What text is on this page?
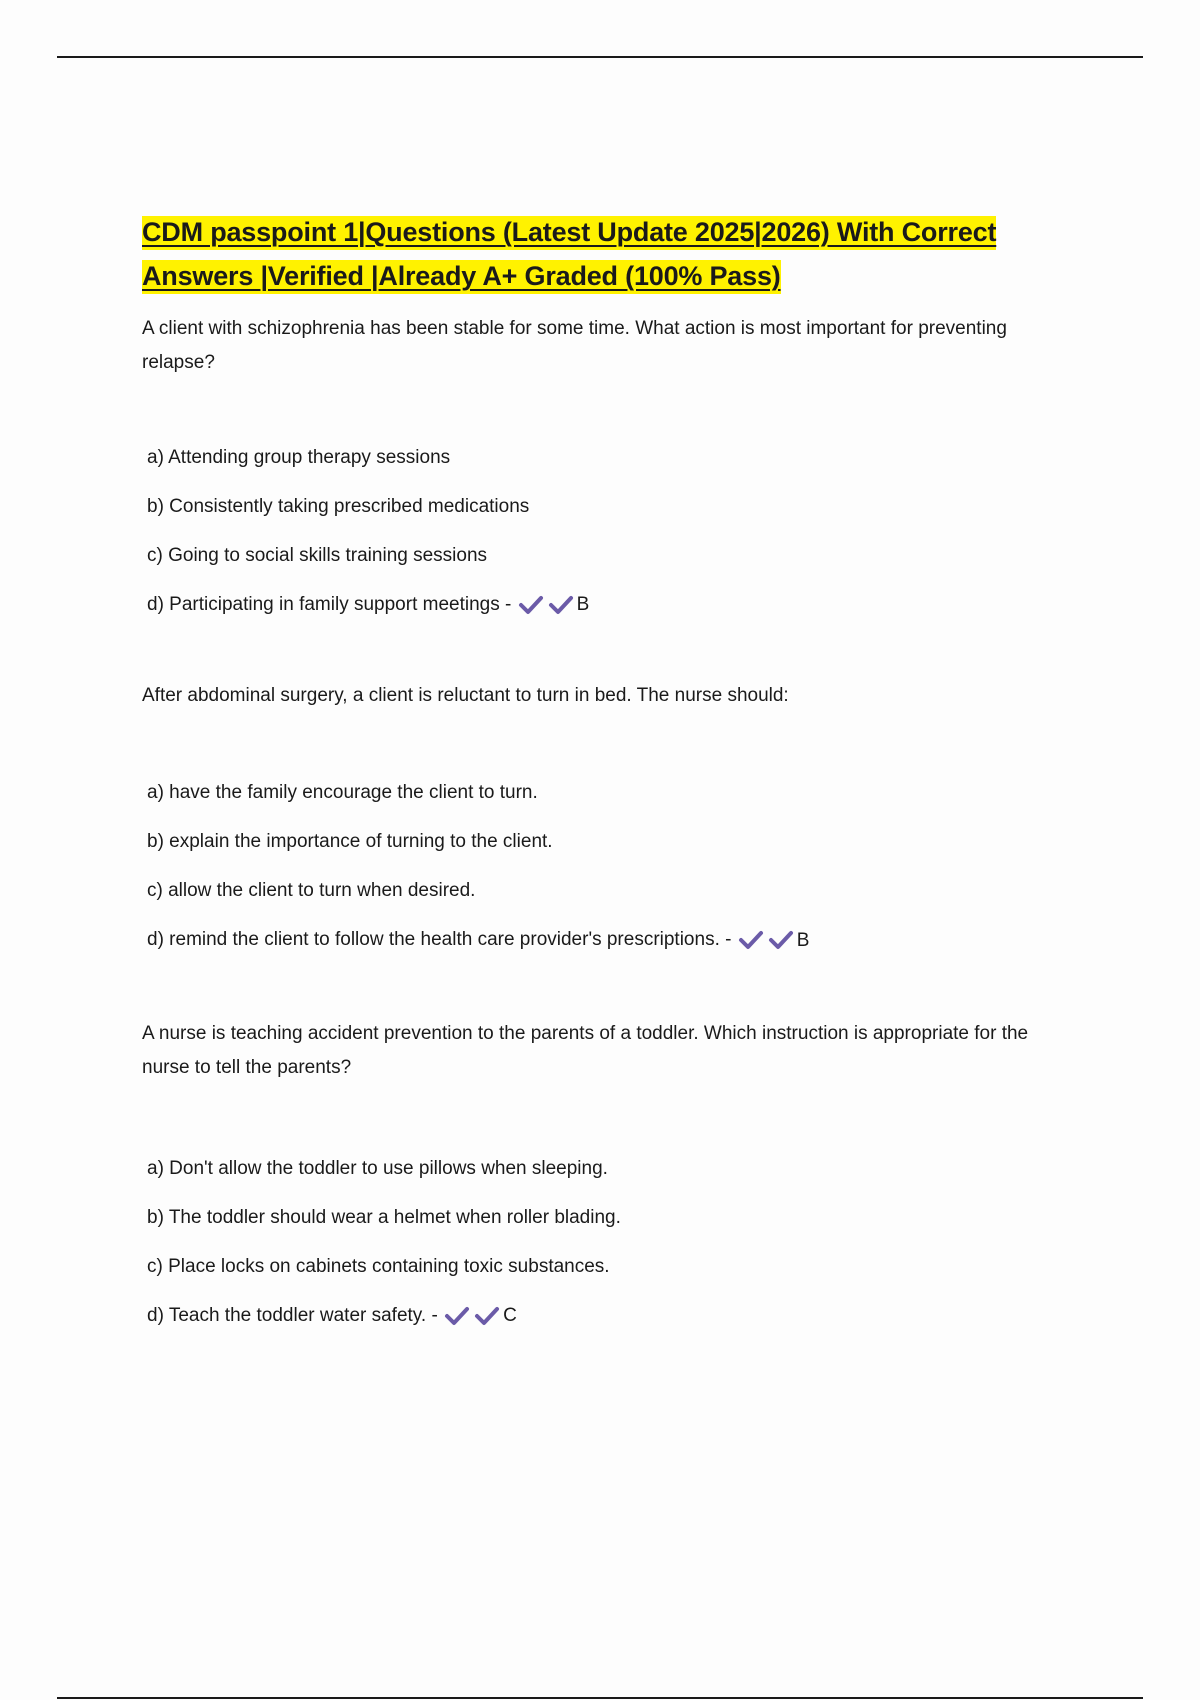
CDM passpoint 1|Questions (Latest Update 2025|2026) With Correct
Answers |Verified |Already A+ Graded (100% Pass)

A client with schizophrenia has been stable for some time. What action is most important for preventing relapse?

a) Attending group therapy sessions
b) Consistently taking prescribed medications
c) Going to social skills training sessions
d) Participating in family support meetings -	B

After abdominal surgery, a client is reluctant to turn in bed. The nurse should:

a) have the family encourage the client to turn.
b) explain the importance of turning to the client.
c) allow the client to turn when desired.
d) remind the client to follow the health care provider's prescriptions. -	B

A nurse is teaching accident prevention to the parents of a toddler. Which instruction is appropriate for the nurse to tell the parents?

a) Don't allow the toddler to use pillows when sleeping.
b) The toddler should wear a helmet when roller blading.
c) Place locks on cabinets containing toxic substances.
d) Teach the toddler water safety. -	C
